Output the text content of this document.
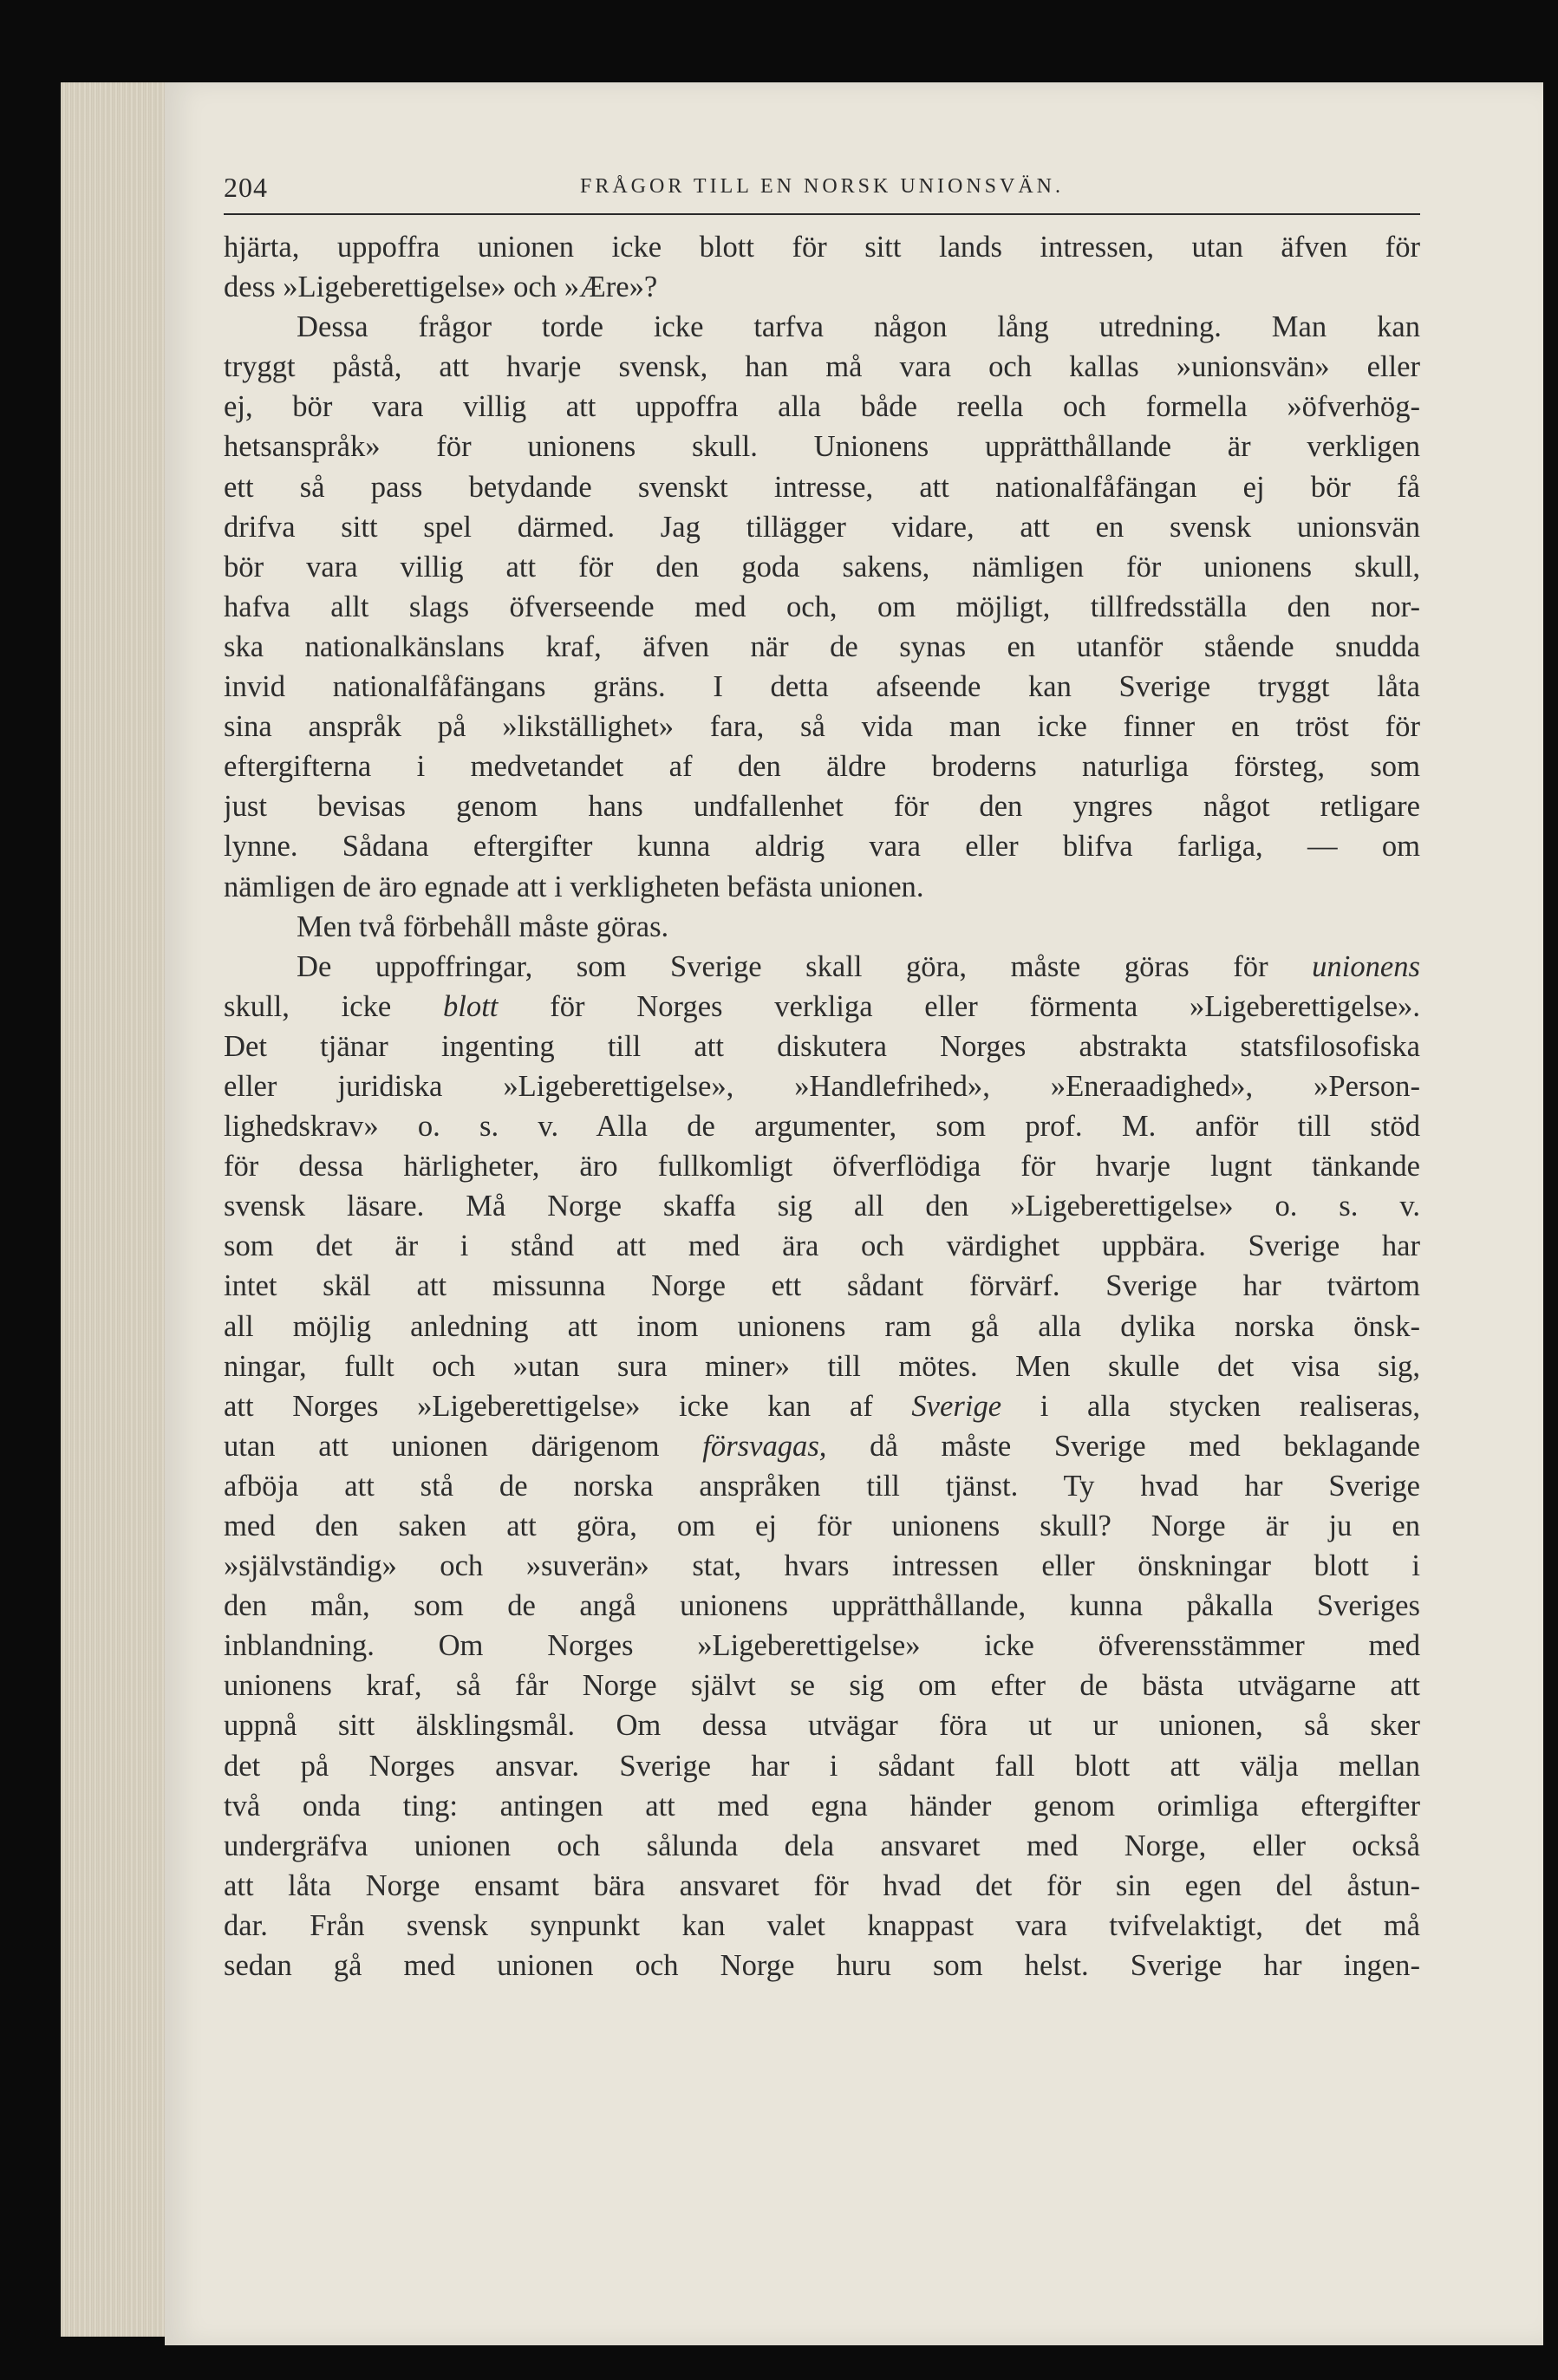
204	FRÅGOR TILL EN NORSK UNIONSVÄN.
hjärta, uppoffra unionen icke blott för sitt lands intressen, utan äfven för
dess »Ligeberettigelse» och »Ære»?
Dessa frågor torde icke tarfva någon lång utredning. Man kan
tryggt påstå, att hvarje svensk, han må vara och kallas »unionsvän» eller
ej, bör vara villig att uppoffra alla både reella och formella »öfverhög-
hetsanspråk» för unionens skull. Unionens upprätthållande är verkligen
ett så pass betydande svenskt intresse, att nationalfåfängan ej bör få
drifva sitt spel därmed. Jag tillägger vidare, att en svensk unionsvän
bör vara villig att för den goda sakens, nämligen för unionens skull,
hafva allt slags öfverseende med och, om möjligt, tillfredsställa den nor-
ska nationalkänslans kraf, äfven när de synas en utanför stående snudda
invid nationalfåfängans gräns. I detta afseende kan Sverige tryggt låta
sina anspråk på »likställighet» fara, så vida man icke finner en tröst för
eftergifterna i medvetandet af den äldre broderns naturliga försteg, som
just bevisas genom hans undfallenhet för den yngres något retligare
lynne. Sådana eftergifter kunna aldrig vara eller blifva farliga, — om
nämligen de äro egnade att i verkligheten befästa unionen.
Men två förbehåll måste göras.
De uppoffringar, som Sverige skall göra, måste göras för unionens
skull, icke blott för Norges verkliga eller förmenta »Ligeberettigelse».
Det tjänar ingenting till att diskutera Norges abstrakta statsfilosofiska
eller juridiska »Ligeberettigelse», »Handlefrihed», »Eneraadighed», »Person-
lighedskrav» o. s. v. Alla de argumenter, som prof. M. anför till stöd
för dessa härligheter, äro fullkomligt öfverflödiga för hvarje lugnt tänkande
svensk läsare. Må Norge skaffa sig all den »Ligeberettigelse» o. s. v.
som det är i stånd att med ära och värdighet uppbära. Sverige har
intet skäl att missunna Norge ett sådant förvärf. Sverige har tvärtom
all möjlig anledning att inom unionens ram gå alla dylika norska önsk-
ningar, fullt och »utan sura miner» till mötes. Men skulle det visa sig,
att Norges »Ligeberettigelse» icke kan af Sverige i alla stycken realiseras,
utan att unionen därigenom försvagas, då måste Sverige med beklagande
afböja att stå de norska anspråken till tjänst. Ty hvad har Sverige
med den saken att göra, om ej för unionens skull? Norge är ju en
»självständig» och »suverän» stat, hvars intressen eller önskningar blott i
den mån, som de angå unionens upprätthållande, kunna påkalla Sveriges
inblandning. Om Norges »Ligeberettigelse» icke öfverensstämmer med
unionens kraf, så får Norge självt se sig om efter de bästa utvägarne att
uppnå sitt älsklingsmål. Om dessa utvägar föra ut ur unionen, så sker
det på Norges ansvar. Sverige har i sådant fall blott att välja mellan
två onda ting: antingen att med egna händer genom orimliga eftergifter
undergräfva unionen och sålunda dela ansvaret med Norge, eller också
att låta Norge ensamt bära ansvaret för hvad det för sin egen del åstun-
dar. Från svensk synpunkt kan valet knappast vara tvifvelaktigt, det må
sedan gå med unionen och Norge huru som helst. Sverige har ingen-
